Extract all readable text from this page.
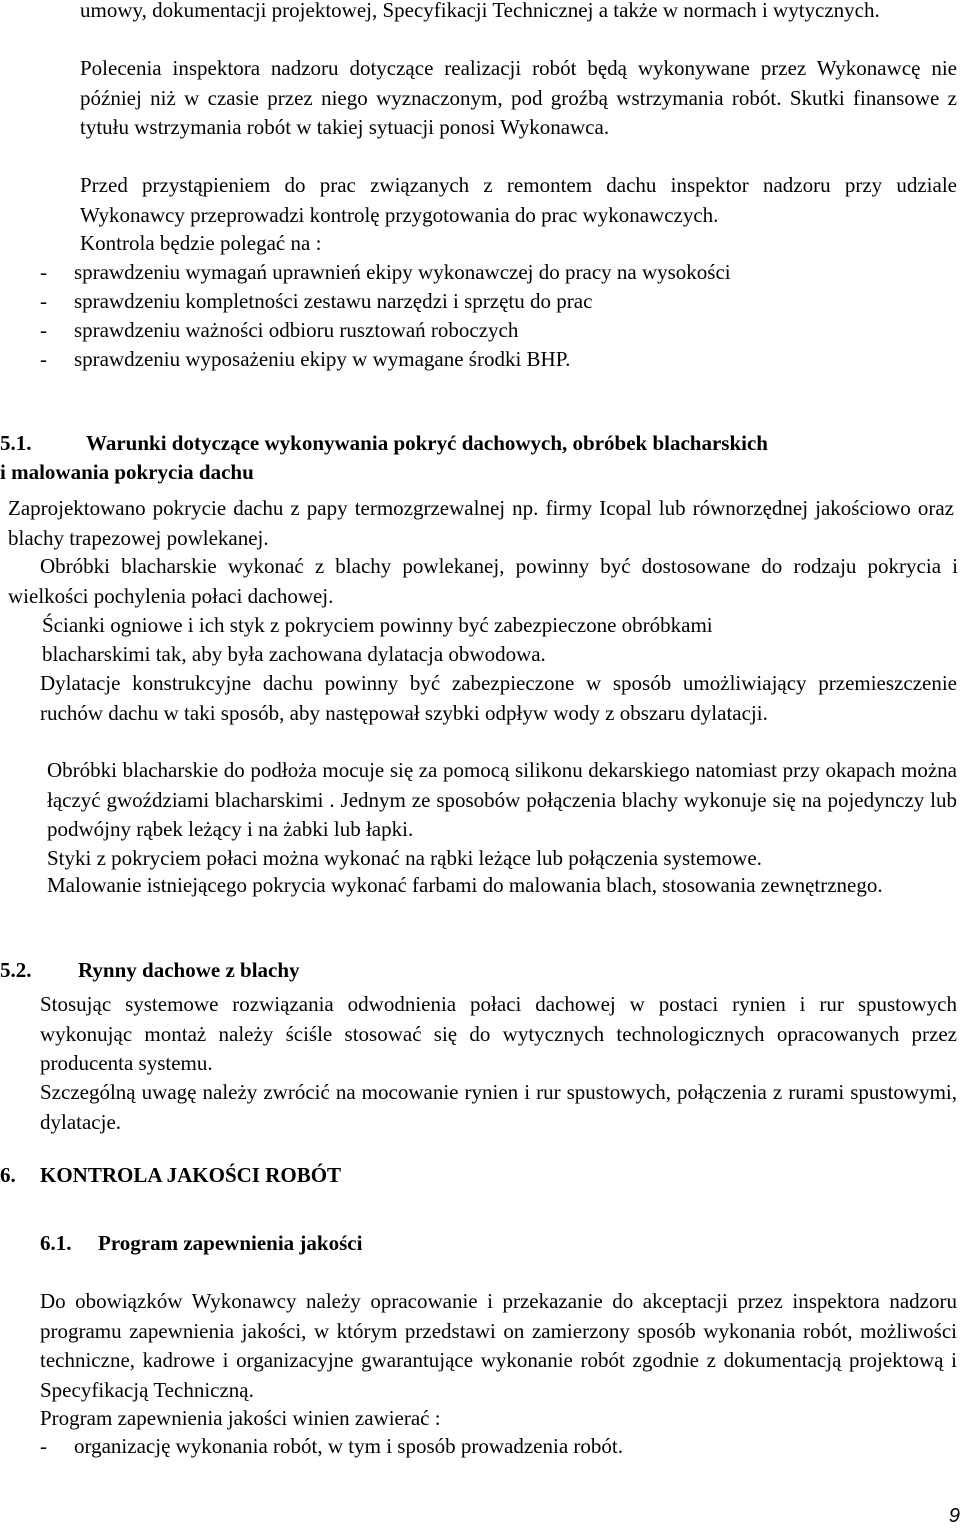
umowy, dokumentacji projektowej, Specyfikacji Technicznej a także w normach i wytycznych.

Polecenia inspektora nadzoru dotyczące realizacji robót będą wykonywane przez Wykonawcę nie później niż w czasie przez niego wyznaczonym, pod groźbą wstrzymania robót. Skutki finansowe z tytułu wstrzymania robót w takiej sytuacji ponosi Wykonawca.

Przed przystąpieniem do prac związanych z remontem dachu inspektor nadzoru przy udziale Wykonawcy przeprowadzi kontrolę przygotowania do prac wykonawczych.

Kontrola będzie polegać na :

- sprawdzeniu wymagań uprawnień ekipy wykonawczej do pracy na wysokości
- sprawdzeniu kompletności zestawu narzędzi i sprzętu do prac
- sprawdzeniu ważności odbioru rusztowań roboczych
- sprawdzeniu wyposażeniu ekipy w wymagane środki BHP.
5.1.	Warunki dotyczące wykonywania pokryć dachowych, obróbek blacharskich
i malowania pokrycia dachu

Zaprojektowano pokrycie dachu z papy termozgrzewalnej np. firmy Icopal lub równorzędnej jakościowo oraz blachy trapezowej powlekanej.

Obróbki blacharskie wykonać z blachy powlekanej, powinny być dostosowane do rodzaju pokrycia i wielkości pochylenia połaci dachowej.

Ścianki ogniowe i ich styk z pokryciem powinny być zabezpieczone obróbkami

blacharskimi tak, aby była zachowana dylatacja obwodowa.

Dylatacje konstrukcyjne dachu powinny być zabezpieczone w sposób umożliwiający przemieszczenie ruchów dachu w taki sposób, aby następował szybki odpływ wody z obszaru dylatacji.

Obróbki blacharskie do podłoża mocuje się za pomocą silikonu dekarskiego natomiast przy okapach można łączyć gwoździami blacharskimi . Jednym ze sposobów połączenia blachy wykonuje się na pojedynczy lub podwójny rąbek leżący i na żabki lub łapki.

Styki z pokryciem połaci można wykonać na rąbki leżące lub połączenia systemowe.

Malowanie istniejącego pokrycia wykonać farbami do malowania blach, stosowania zewnętrznego.

5.2. Rynny dachowe z blachy

Stosując systemowe rozwiązania odwodnienia połaci dachowej w postaci rynien i rur spustowych wykonując montaż należy ściśle stosować się do wytycznych technologicznych opracowanych przez producenta systemu.

Szczególną uwagę należy zwrócić na mocowanie rynien i rur spustowych, połączenia z rurami spustowymi, dylatacje.

6. KONTROLA JAKOŚCI ROBÓT
6.1. Program zapewnienia jakości

Do obowiązków Wykonawcy należy opracowanie i przekazanie do akceptacji przez inspektora nadzoru programu zapewnienia jakości, w którym przedstawi on zamierzony sposób wykonania robót, możliwości techniczne, kadrowe i organizacyjne gwarantujące wykonanie robót zgodnie z dokumentacją projektową i Specyfikacją Techniczną.

Program zapewnienia jakości winien zawierać :

- organizację wykonania robót, w tym i sposób prowadzenia robót.
9
